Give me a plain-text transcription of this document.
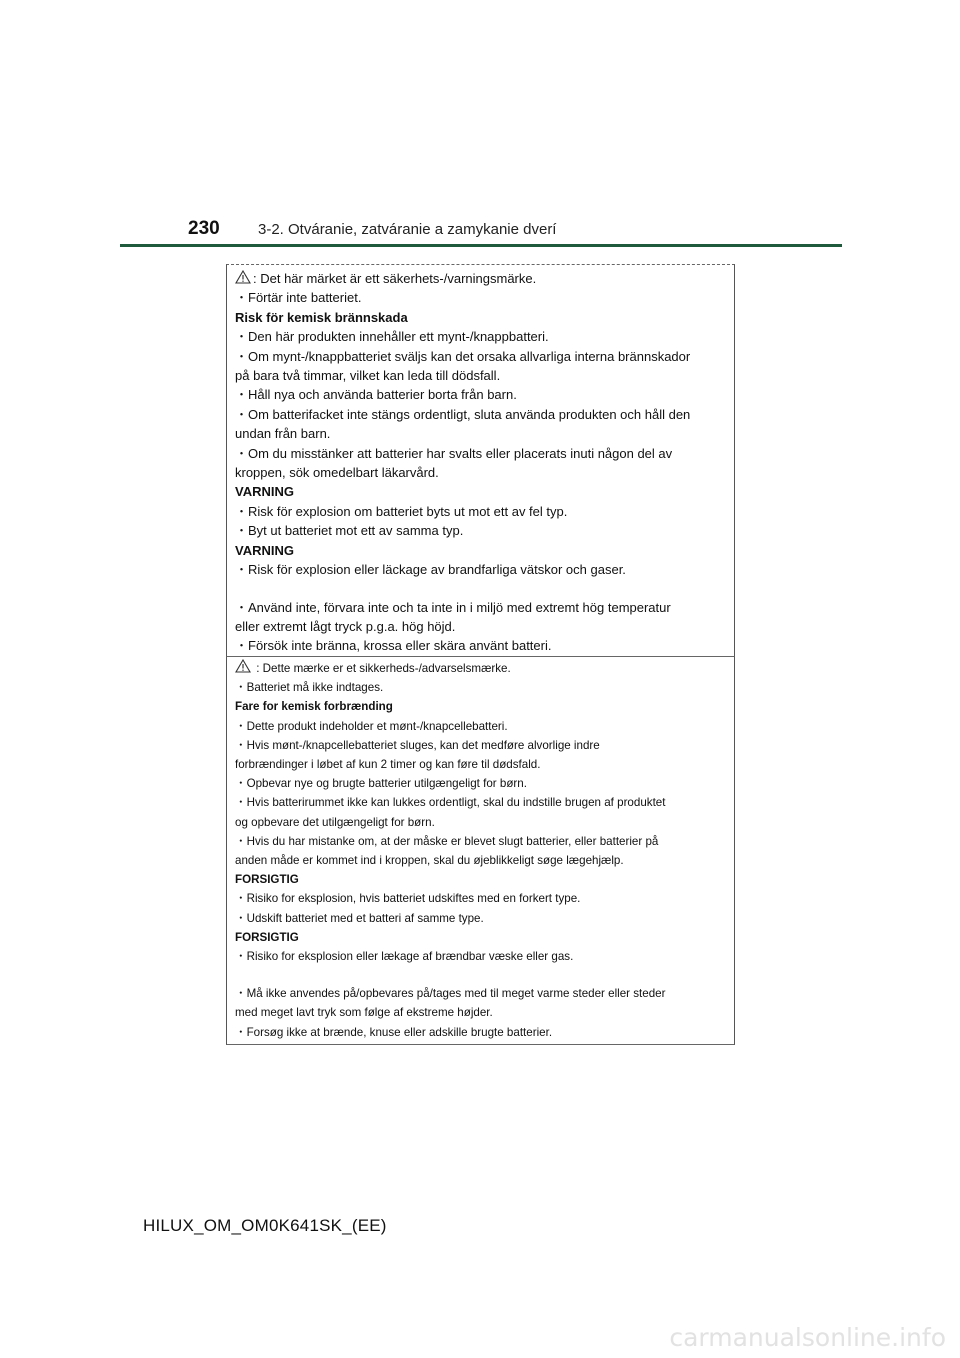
230	3-2. Otváranie, zatváranie a zamykanie dverí
: Det här märket är ett säkerhets-/varningsmärke.
・Förtär inte batteriet.
Risk för kemisk brännskada
・Den här produkten innehåller ett mynt-/knappbatteri.
・Om mynt-/knappbatteriet sväljs kan det orsaka allvarliga interna brännskador
på bara två timmar, vilket kan leda till dödsfall.
・Håll nya och använda batterier borta från barn.
・Om batterifacket inte stängs ordentligt, sluta använda produkten och håll den
undan från barn.
・Om du misstänker att batterier har svalts eller placerats inuti någon del av
kroppen, sök omedelbart läkarvård.
VARNING
・Risk för explosion om batteriet byts ut mot ett av fel typ.
・Byt ut batteriet mot ett av samma typ.
VARNING
・Risk för explosion eller läckage av brandfarliga vätskor och gaser.
・Använd inte, förvara inte och ta inte in i miljö med extremt hög temperatur
eller extremt lågt tryck p.g.a. hög höjd.
・Försök inte bränna, krossa eller skära använt batteri.
: Dette mærke er et sikkerheds-/advarselsmærke.
・Batteriet må ikke indtages.
Fare for kemisk forbrænding
・Dette produkt indeholder et mønt-/knapcellebatteri.
・Hvis mønt-/knapcellebatteriet sluges, kan det medføre alvorlige indre
forbrændinger i løbet af kun 2 timer og kan føre til dødsfald.
・Opbevar nye og brugte batterier utilgængeligt for børn.
・Hvis batterirummet ikke kan lukkes ordentligt, skal du indstille brugen af produktet
og opbevare det utilgængeligt for børn.
・Hvis du har mistanke om, at der måske er blevet slugt batterier, eller batterier på
anden måde er kommet ind i kroppen, skal du øjeblikkeligt søge lægehjælp.
FORSIGTIG
・Risiko for eksplosion, hvis batteriet udskiftes med en forkert type.
・Udskift batteriet med et batteri af samme type.
FORSIGTIG
・Risiko for eksplosion eller lækage af brændbar væske eller gas.
・Må ikke anvendes på/opbevares på/tages med til meget varme steder eller steder
med meget lavt tryk som følge af ekstreme højder.
・Forsøg ikke at brænde, knuse eller adskille brugte batterier.
HILUX_OM_OM0K641SK_(EE)
carmanualsonline.info
